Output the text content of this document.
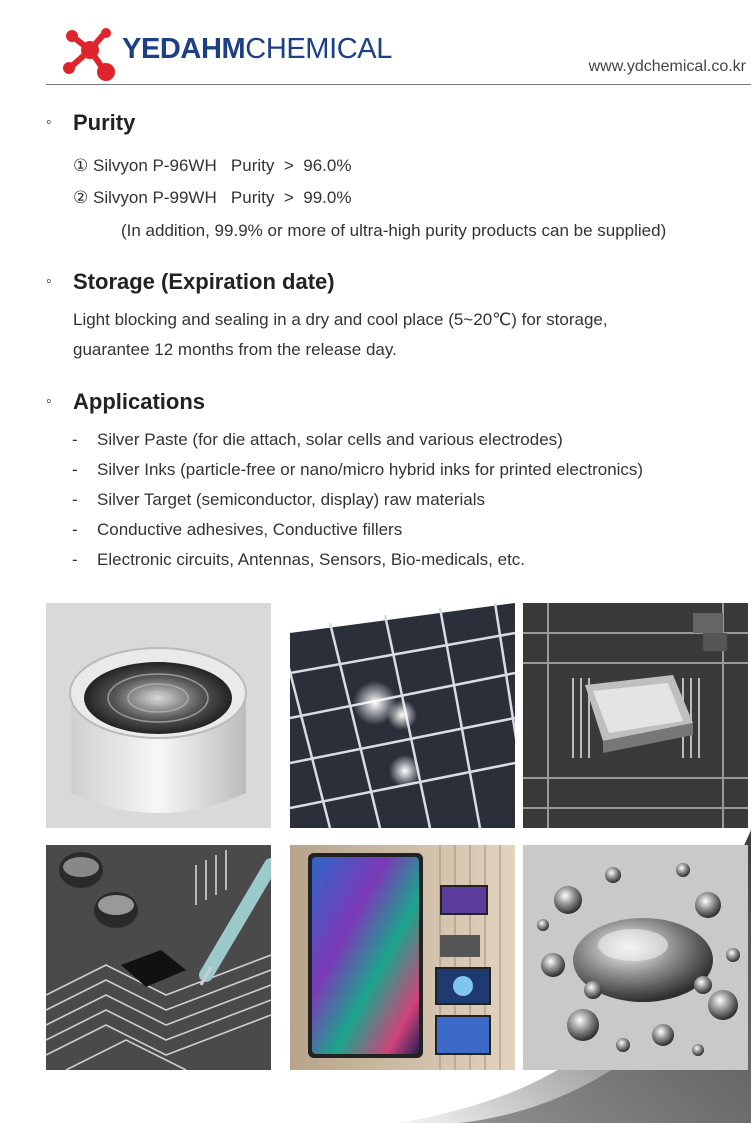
YEDAHMCHEMICAL
www.ydchemical.co.kr
◦ Purity
① Silvyon P-96WH Purity > 96.0%
② Silvyon P-99WH Purity > 99.0%
(In addition, 99.9% or more of ultra-high purity products can be supplied)
◦ Storage (Expiration date)
Light blocking and sealing in a dry and cool place (5~20℃) for storage,
guarantee 12 months from the release day.
◦ Applications
- Silver Paste (for die attach, solar cells and various electrodes)
- Silver Inks (particle-free or nano/micro hybrid inks for printed electronics)
- Silver Target (semiconductor, display) raw materials
- Conductive adhesives, Conductive fillers
- Electronic circuits, Antennas, Sensors, Bio-medicals, etc.
